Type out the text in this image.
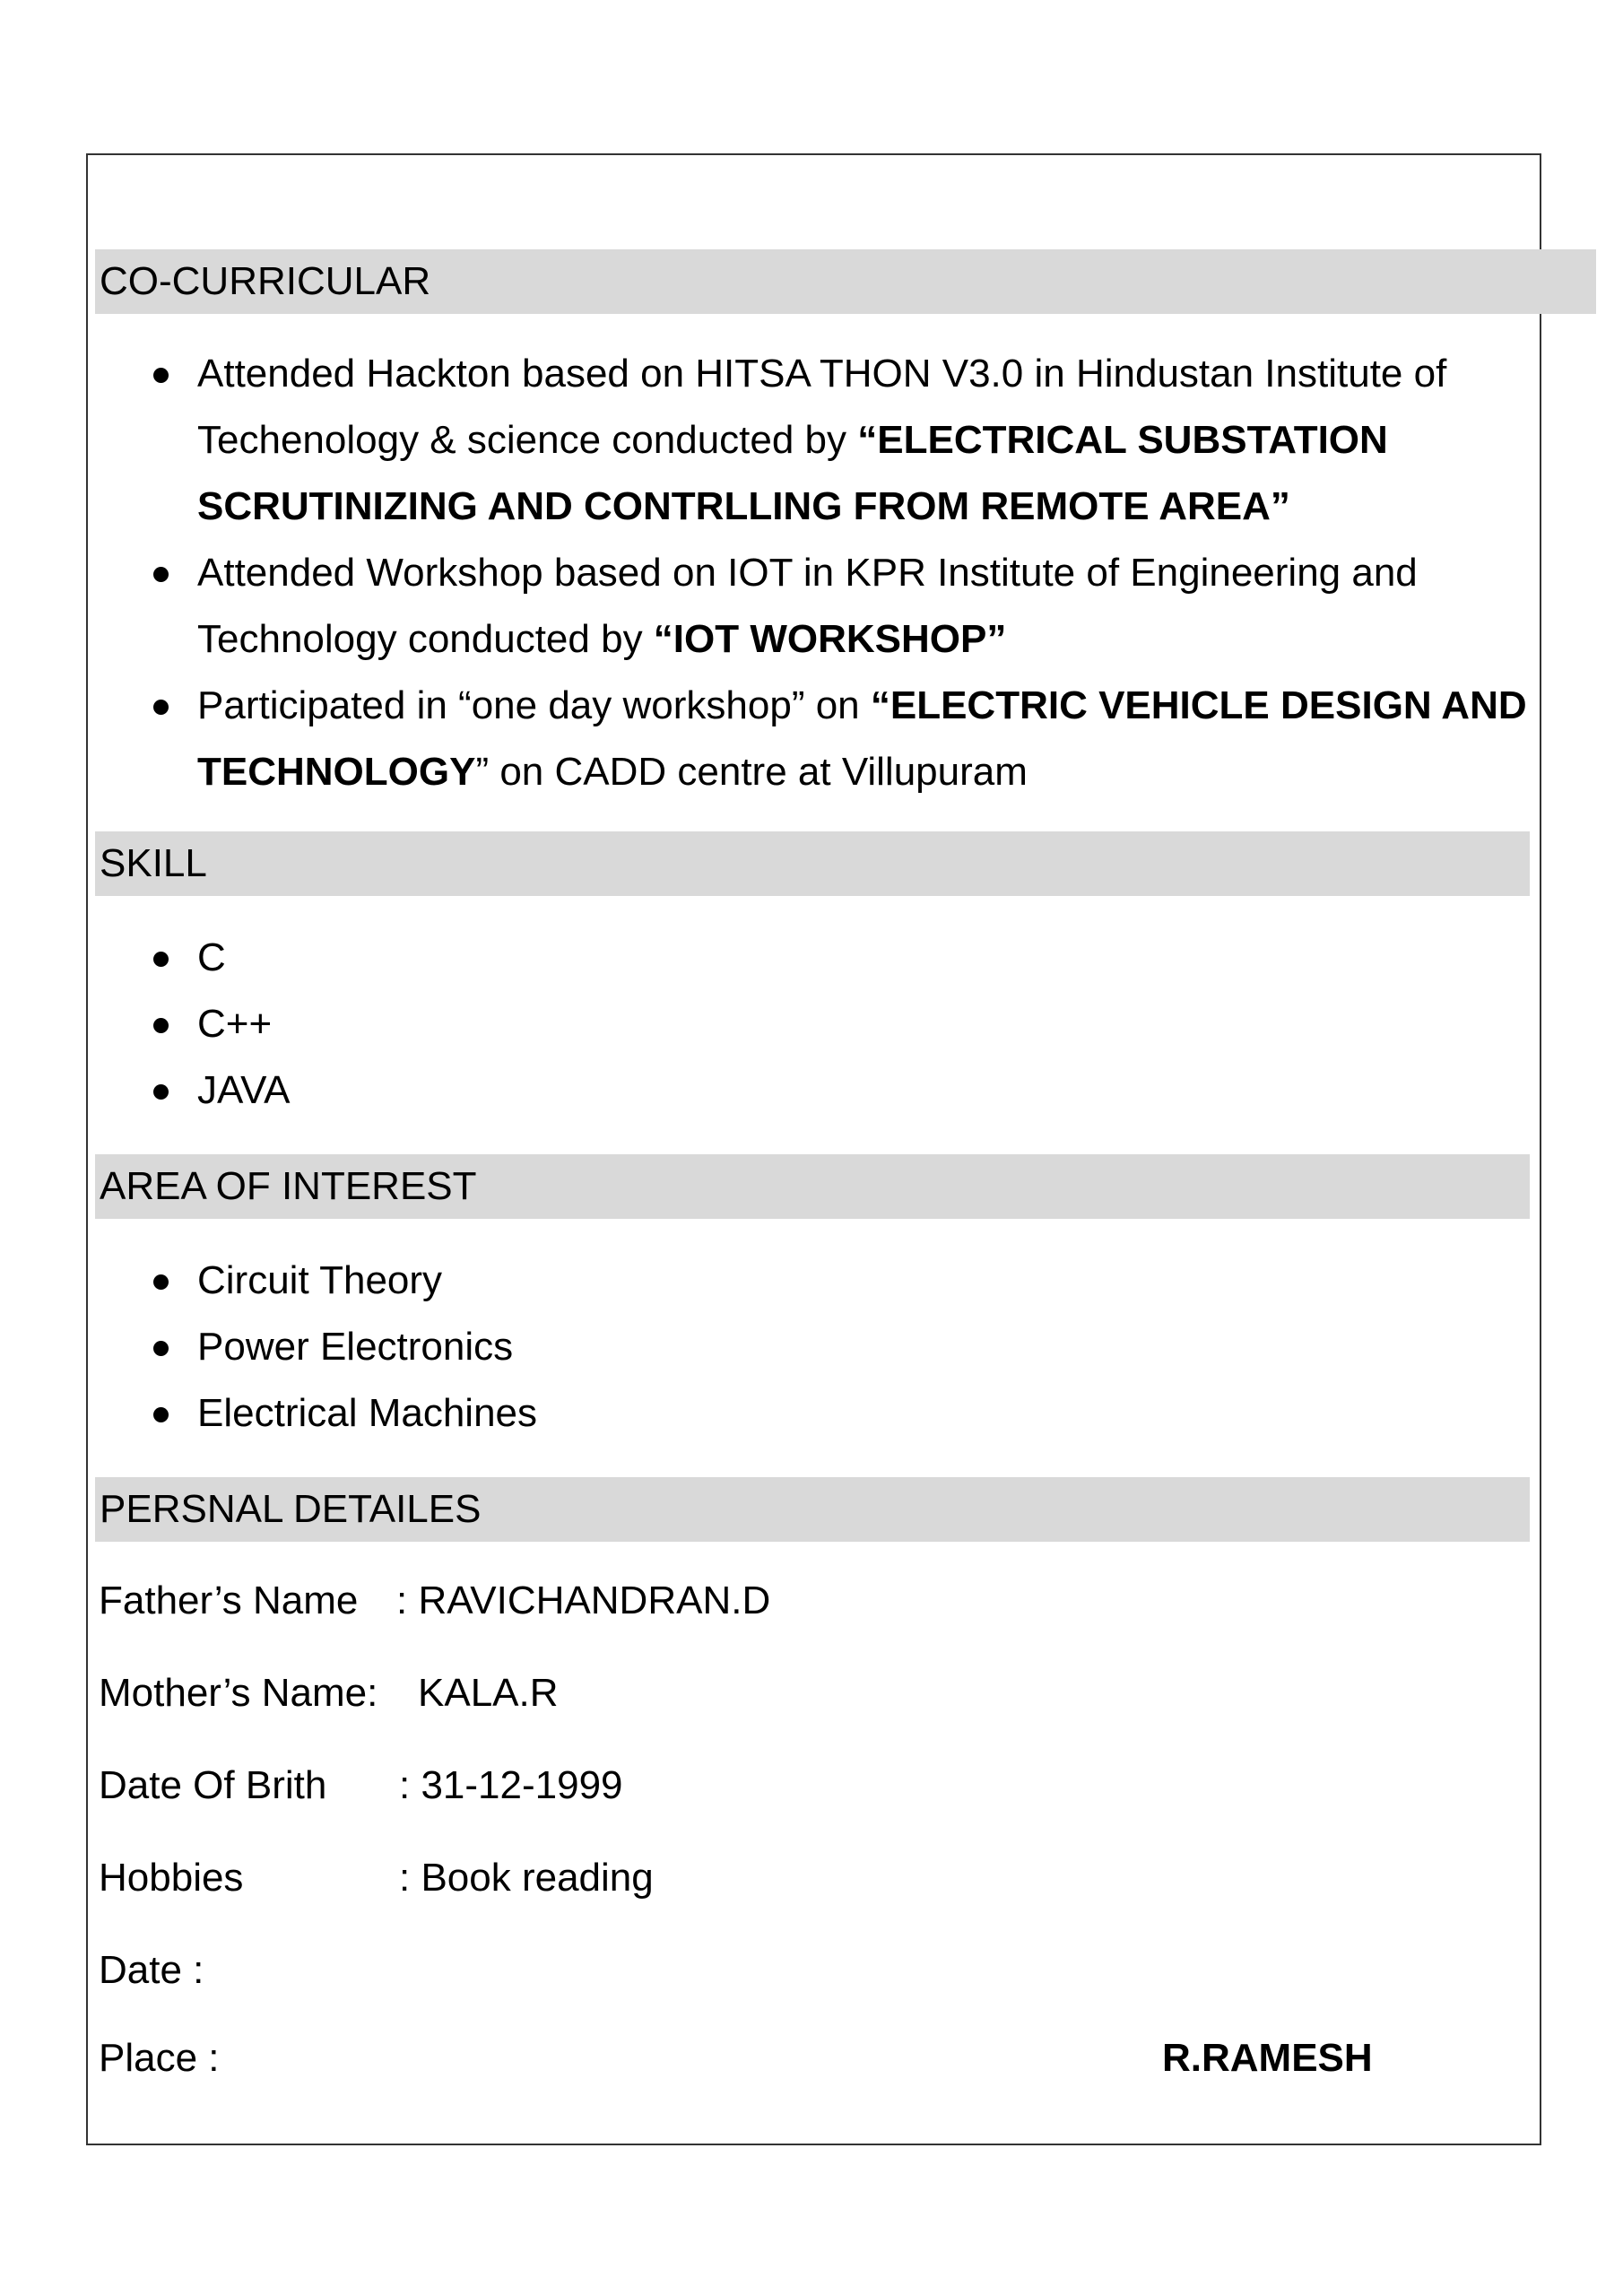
CO-CURRICULAR
Attended Hackton based on HITSA THON V3.0 in Hindustan Institute of
Techenology & science conducted by “ELECTRICAL SUBSTATION
SCRUTINIZING AND CONTRLLING FROM REMOTE AREA”
Attended Workshop based on IOT in KPR Institute of Engineering and
Technology conducted by “IOT WORKSHOP”
Participated in “one day workshop” on “ELECTRIC VEHICLE DESIGN AND
TECHNOLOGY” on CADD centre at Villupuram
SKILL
C
C++
JAVA
AREA OF INTEREST
Circuit Theory
Power Electronics
Electrical Machines
PERSNAL DETAILES
Father’s Name : RAVICHANDRAN.D
Mother’s Name: KALA.R
Date Of Brith : 31-12-1999
Hobbies	: Book reading
Date :
Place :	R.RAMESH
